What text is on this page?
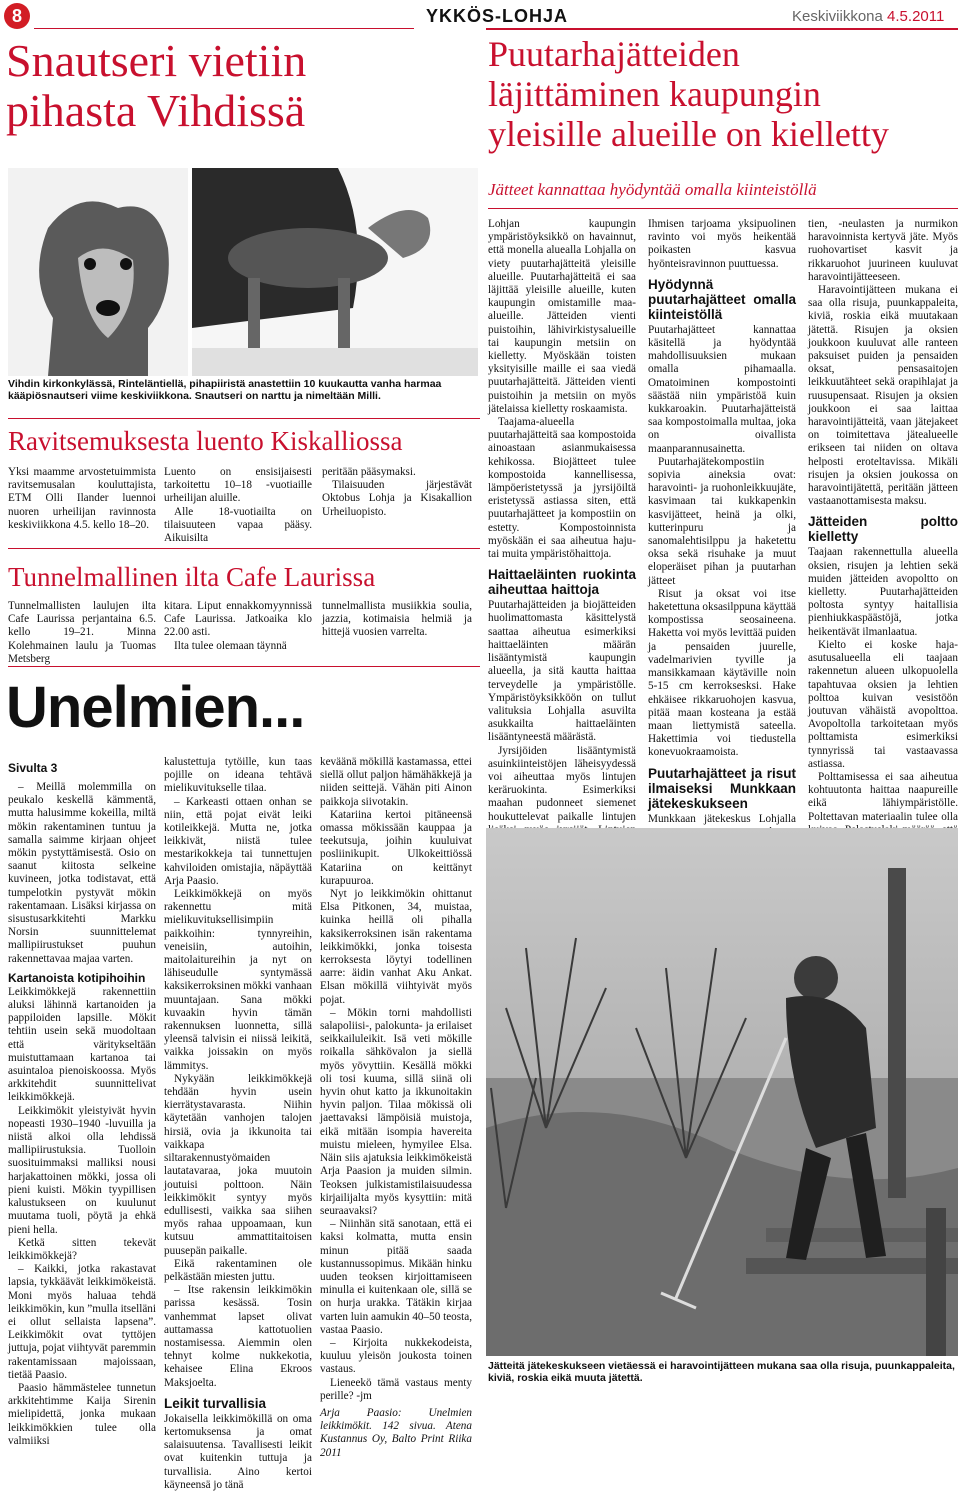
8	YKKÖS-LOHJA	Keskiviikkona 4.5.2011
Snautseri vietiin
pihasta Vihdissä
Vihdin kirkonkylässä, Rinteläntiellä, pihapiiristä anastettiin 10 kuukautta vanha harmaa kääpiösnautseri viime keskiviikkona. Snautseri on narttu ja nimeltään Milli.
Ravitsemuksesta luento Kiskalliossa

Yksi maamme arvostetuimmista ravitsemusalan kouluttajista, ETM Olli Ilander luennoi nuoren urheilijan ravinnosta keskiviikkona 4.5. kello 18–20.

Luento on ensisijaisesti tarkoitettu 10–18 -vuotiaille urheilijan aluille.

Alle 18-vuotiailta on tilaisuuteen vapaa pääsy. Aikuisilta

peritään pääsymaksi.

Tilaisuuden järjestävät Oktobus Lohja ja Kisakallion Urheiluopisto.

Tunnelmallinen ilta Cafe Laurissa

Tunnelmallisten laulujen ilta Cafe Laurissa perjantaina 6.5. kello 19–21. Minna Kolehmainen laulu ja Tuomas Metsberg

kitara. Liput ennakkomyynnissä Cafe Laurissa. Jatkoaika klo 22.00 asti.

Ilta tulee olemaan täynnä

tunnelmallista musiikkia soulia, jazzia, kotimaisia helmiä ja hittejä vuosien varrelta.

Unelmien...
Sivulta 3

– Meillä molemmilla on peukalo keskellä kämmentä, mutta halusimme kokeilla, miltä mökin rakentaminen tuntuu ja samalla saimme kirjaan ohjeet mökin pystyttämisestä. Osio on saanut kiitosta selkeine kuvineen, jotka todistavat, että tumpelotkin pystyvät mökin rakentamaan. Lisäksi kirjassa on sisustusarkkitehti Markku Norsin suunnittelemat mallipiirustukset puuhun rakennettavaa majaa varten.

Kartanoista kotipihoihin

Leikkimökkejä rakennettiin aluksi lähinnä kartanoiden ja pappiloiden lapsille. Mökit tehtiin usein sekä muodoltaan että väritykseltään muistuttamaan kartanoa tai asuintaloa pienoiskoossa. Myös arkkitehdit suunnittelivat leikkimökkejä.

Leikkimökit yleistyivät hyvin nopeasti 1930–1940 -luvuilla ja niistä alkoi olla lehdissä mallipiirustuksia. Tuolloin suosituimmaksi malliksi nousi harjakattoinen mökki, jossa oli pieni kuisti. Mökin tyypillisen kalustukseen on kuulunut muutama tuoli, pöytä ja ehkä pieni hella.

Ketkä sitten tekevät leikkimökkejä?

– Kaikki, jotka rakastavat lapsia, tykkäävät leikkimökeistä. Moni myös haluaa tehdä leikkimökin, kun ”mulla itselläni ei ollut sellaista lapsena”. Leikkimökit ovat tyttöjen juttuja, pojat viihtyvät paremmin rakentamissaan majoissaan, tietää Paasio.

Paasio hämmästelee tunnetun arkkitehtimme Kaija Sirenin mielipidettä, jonka mukaan leikkimökkien tulee olla valmiiksi

kalustettuja tytöille, kun taas pojille on ideana tehtävä mielikuvitukselle tilaa.

– Karkeasti ottaen onhan se niin, että pojat eivät leiki kotileikkejä. Mutta ne, jotka leikkivät, niistä tulee mestarikokkeja tai tunnettujen kahviloiden omistajia, näpäyttää Arja Paasio.

Leikkimökkejä on myös rakennettu mitä mielikuvituksellisimpiin paikkoihin: tynnyreihin, veneisiin, autoihin, maitolaitureihin ja nyt on lähiseudulle syntymässä kaksikerroksinen mökki vanhaan muuntajaan. Sana mökki kuvaakin hyvin tämän rakennuksen luonnetta, sillä yleensä talvisin ei niissä leikitä, vaikka joissakin on myös lämmitys.

Nykyään leikkimökkejä tehdään hyvin usein kierrätystavarasta. Niihin käytetään vanhojen talojen hirsiä, ovia ja ikkunoita tai vaikkapa siltarakennustyömaiden lautatavaraa, joka muutoin joutuisi polttoon. Näin leikkimökit syntyy myös edullisesti, vaikka saa siihen myös rahaa uppoamaan, kun kutsuu ammattitaitoisen puusepän paikalle.

Eikä rakentaminen ole pelkästään miesten juttu.

– Itse rakensin leikkimökin parissa kesässä. Tosin vanhemmat lapset olivat auttamassa kattotuolien nostamisessa. Aiemmin olen tehnyt kolme nukkekotia, kehaisee Elina Ekroos Maksjoelta.

Leikit turvallisia

Jokaisella leikkimökillä on oma kertomuksensa ja omat salaisuutensa. Tavallisesti leikit ovat kuitenkin tuttuja ja turvallisia. Aino kertoi käyneensä jo tänä

keväänä mökillä kastamassa, ettei siellä ollut paljon hämähäkkejä ja niiden seittejä. Vähän piti Ainon paikkoja siivotakin.

Katariina kertoi pitäneensä omassa mökissään kauppaa ja teekutsuja, joihin kuuluivat posliinikupit. Ulkokeittiössä Katariina on keittänyt kurapuuroa.

Nyt jo leikkimökin ohittanut Elsa Pitkonen, 34, muistaa, kuinka heillä oli pihalla kaksikerroksinen isän rakentama leikkimökki, jonka toisesta kerroksesta löytyi todellinen aarre: äidin vanhat Aku Ankat. Elsan mökillä viihtyivät myös pojat.

– Mökin torni mahdollisti salapoliisi-, palokunta- ja erilaiset seikkailuleikit. Isä veti mökille roikalla sähkövalon ja siellä myös yövyttiin. Kesällä mökki oli tosi kuuma, sillä siinä oli hyvin ohut katto ja ikkunoitakin hyvin paljon. Tilaa mökissä oli jaettavaksi lämpöisiä muistoja, eikä mitään isompia havereita muistu mieleen, hymyilee Elsa. Näin siis ajatuksia leikkimökeistä Arja Paasion ja muiden silmin. Teoksen julkistamistilaisuudessa kirjailijalta myös kysyttiin: mitä seuraavaksi?

– Niinhän sitä sanotaan, että ei kaksi kolmatta, mutta ensin minun pitää saada kustannussopimus. Mikään hinku uuden teoksen kirjoittamiseen minulla ei kuitenkaan ole, sillä se on hurja urakka. Tätäkin kirjaa varten luin aamukin 40–50 teosta, vastaa Paasio.

– Kirjoita nukkekodeista, kuuluu yleisön joukosta toinen vastaus.

Lieneekö tämä vastaus menty perille? -jm

Arja Paasio: Unelmien leikkimökit. 142 sivua. Atena Kustannus Oy, Balto Print Riika 2011

Puutarhajätteiden
läjittäminen kaupungin
yleisille alueille on kielletty
Jätteet kannattaa hyödyntää omalla kiinteistöllä

Lohjan kaupungin ympäristöyksikkö on havainnut, että monella aluealla Lohjalla on viety puutarhajätteitä yleisille alueille. Puutarhajätteitä ei saa läjittää yleisille alueille, kuten kaupungin omistamille maa-alueille. Jätteiden vienti puistoihin, lähivirkistysalueille tai kaupungin metsiin on kielletty. Myöskään toisten yksityisille maille ei saa viedä puutarhajätteitä. Jätteiden vienti puistoihin ja metsiin on myös jätelaissa kielletty roskaamista.

Taajama-alueella puutarhajätteitä saa kompostoida ainoastaan asianmukaisessa kehikossa. Biojätteet tulee kompostoida kannellisessa, lämpöeristetyssä ja jyrsijöiltä eristetyssä astiassa siten, että puutarhajätteet ja kompostiin on estetty. Kompostoinnista myöskään ei saa aiheutua haju- tai muita ympäristöhaittoja.

Haittaeläinten ruokinta aiheuttaa haittoja

Puutarhajätteiden ja biojätteiden huolimattomasta käsittelystä saattaa aiheutua esimerkiksi haittaeläinten määrän lisääntymistä kaupungin alueella, ja sitä kautta haittaa terveydelle ja ympäristölle. Ympäristöyksikköön on tullut valituksia Lohjalla asuvilta asukkailta haittaeläinten lisääntyneestä määrästä.

Jyrsijöiden lisääntymistä asuinkiinteistöjen läheisyydessä voi aiheuttaa myös lintujen keräruokinta. Esimerkiksi maahan pudonneet siemenet houkuttelevat paikalle lintujen

Ihmisen tarjoama yksipuolinen ravinto voi myös heikentää poikasten kasvua hyönteisravinnon puuttuessa.

Hyödynnä puutarhajätteet omalla kiinteistöllä

Puutarhajätteet kannattaa käsitellä ja hyödyntää mahdollisuuksien mukaan omalla pihamaalla. Omatoiminen kompostointi säästää niin ympäristöä kuin kukkaroakin. Puutarhajätteistä saa kompostoimalla multaa, joka on oivallista maanparannusainetta.

Puutarhajätekompostiin sopivia aineksia ovat: haravointi- ja ruohonleikkuujäte, kasvimaan tai kukkapenkin kasvijätteet, heinä ja olki, kutterinpuru ja sanomalehtisilppu ja haketettu oksa sekä risuhake ja muut eloperäiset pihan ja puutarhan jätteet

Risut ja oksat voi itse haketettuna oksasilppuna käyttää kompostissa seosaineena. Haketta voi myös levittää puiden ja pensaiden juurelle, vadelmarivien tyville ja mansikkamaan käytäville noin 5-15 cm kerroksesksi. Hake ehkäisee rikkaruohojen kasvua, pitää maan kosteana ja estää maan liettymistä sateella. Hakettimia voi tiedustella konevuokraamoista.

Puutarhajätteet ja risut ilmaiseksi Munkkaan jätekeskukseen

Munkkaan jätekeskus Lohjalla

tien, -neulasten ja nurmikon haravoinnista kertyvä jäte. Myös ruohovartiset kasvit ja rikkaruohot juurineen kuuluvat haravointijätteeseen.

Haravointijätteen mukana ei saa olla risuja, puunkappaleita, kiviä, roskia eikä muutakaan jätettä. Risujen ja oksien joukkoon kuuluvat alle ranteen paksuiset puiden ja pensaiden oksat, pensasaitojen leikkuutähteet sekä orapihlajat ja ruusupensaat. Risujen ja oksien joukkoon ei saa laittaa haravointijätteitä, vaan jätejakeet on toimitettava jätealueelle erikseen tai niiden on oltava helposti eroteltavissa. Mikäli risujen ja oksien joukossa on haravointijätettä, peritään jätteen vastaanottamisesta maksu.

Jätteiden poltto kielletty

Taajaan rakennettulla alueella oksien, risujen ja lehtien sekä muiden jätteiden avopoltto on kielletty. Puutarhajätteiden poltosta syntyy haitallisia pienhiukkaspäästöjä, jotka heikentävät ilmanlaatua.

Kielto ei koske haja-asutusalueella eli taajaan rakennetun alueen ulkopuolella tapahtuvaa oksien ja lehtien polttoa kuivan vesistöön joutuvan vähäistä avopolttoa. Avopoltolla tarkoitetaan myös polttamista esimerkiksi tynnyrissä tai vastaavassa astiassa.

Polttamisessa ei saa aiheutua kohtuutonta haittaa naapureille eikä lähiympäristölle. Poltettavan materiaalin tulee olla

Jätteitä jätekeskukseen vietäessä ei haravointijätteen mukana saa olla risuja, puunkappaleita, kiviä, roskia eikä muuta jätettä.
